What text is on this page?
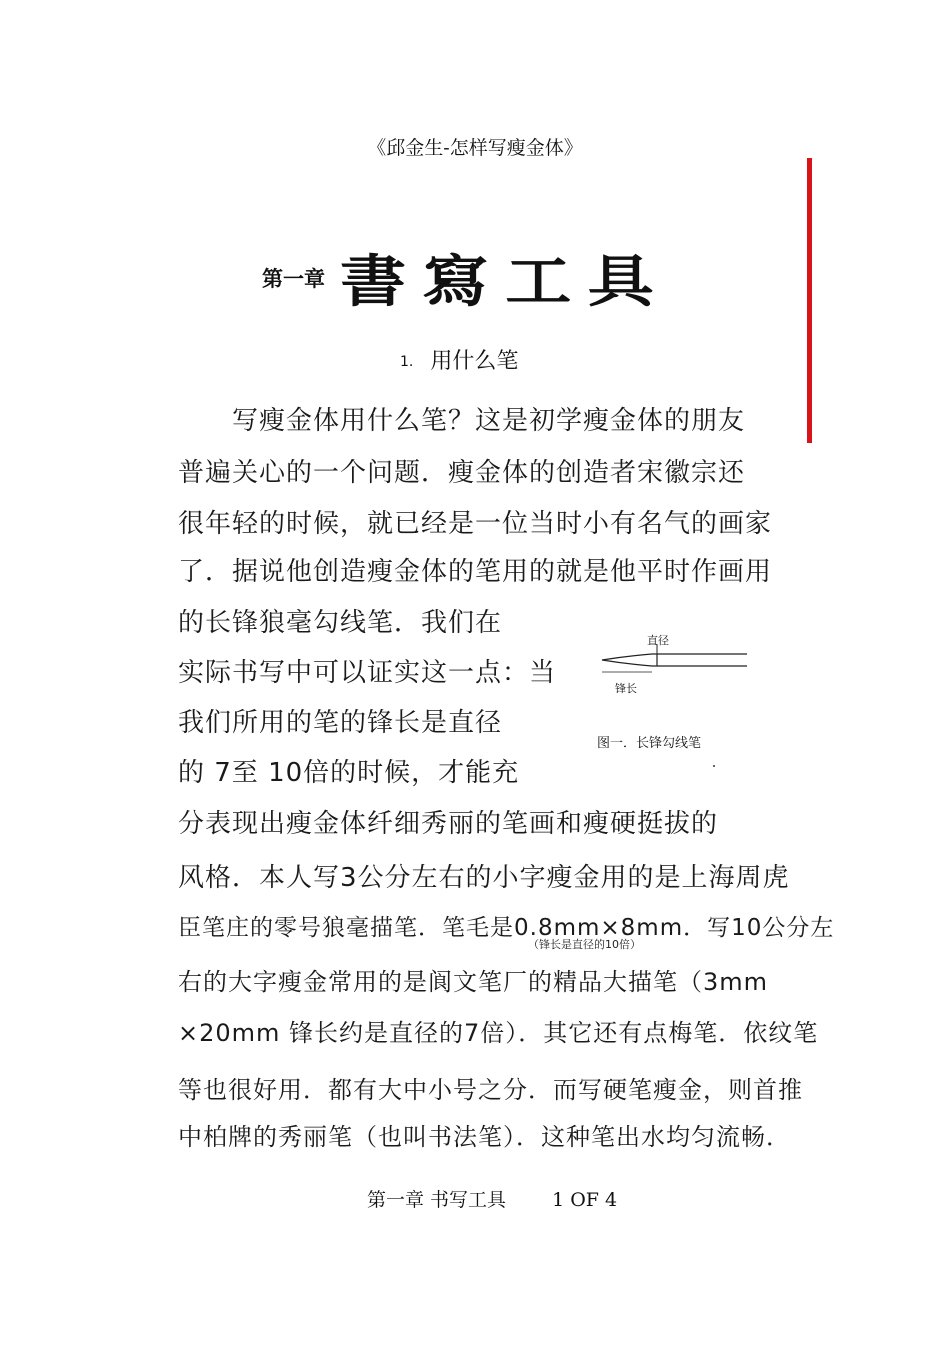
《邱金生-怎样写瘦金体》
第一章 書寫工具
1. 用什么笔
写瘦金体用什么笔？这是初学瘦金体的朋友
普遍关心的一个问题．瘦金体的创造者宋徽宗还
很年轻的时候，就已经是一位当时小有名气的画家
了．据说他创造瘦金体的笔用的就是他平时作画用
的长锋狼毫勾线笔．我们在
实际书写中可以证实这一点：当
我们所用的笔的锋长是直径
的 7至 10倍的时候，才能充
分表现出瘦金体纤细秀丽的笔画和瘦硬挺拔的
风格．本人写3公分左右的小字瘦金用的是上海周虎
臣笔庄的零号狼毫描笔．笔毛是0.8mm×8mm．写10公分左
（锋长是直径的10倍）
右的大字瘦金常用的是阆文笔厂的精品大描笔（3mm
×20mm 锋长约是直径的7倍）．其它还有点梅笔．依纹笔
等也很好用．都有大中小号之分．而写硬笔瘦金，则首推
中柏牌的秀丽笔（也叫书法笔）．这种笔出水均匀流畅．
直径
锋长
图一．长锋勾线笔
第一章 书写工具 1 OF 4
